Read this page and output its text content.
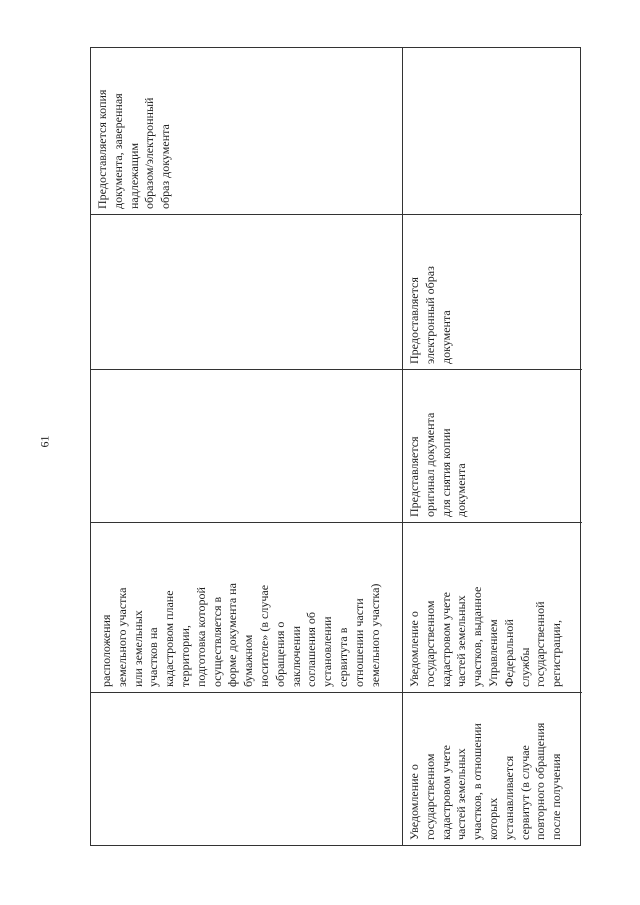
61
расположения земельного участка или земельных участков на кадастровом плане территории, подготовка которой осуществляется в форме документа на бумажном носителе» (в случае обращения о заключении соглашения об установлении сервитута в отношении части земельного участка)
Предоставляется копия документа, заверенная надлежащим образом/электронный образ документа
Уведомление о государственном кадастровом учете частей земельных участков, в отношении которых устанавливается сервитут (в случае повторного обращения после получения
Уведомление о государственном кадастровом учете частей земельных участков, выданное Управлением Федеральной службы государственной регистрации,
Представляется оригинал документа для снятия копии документа
Предоставляется электронный образ документа
